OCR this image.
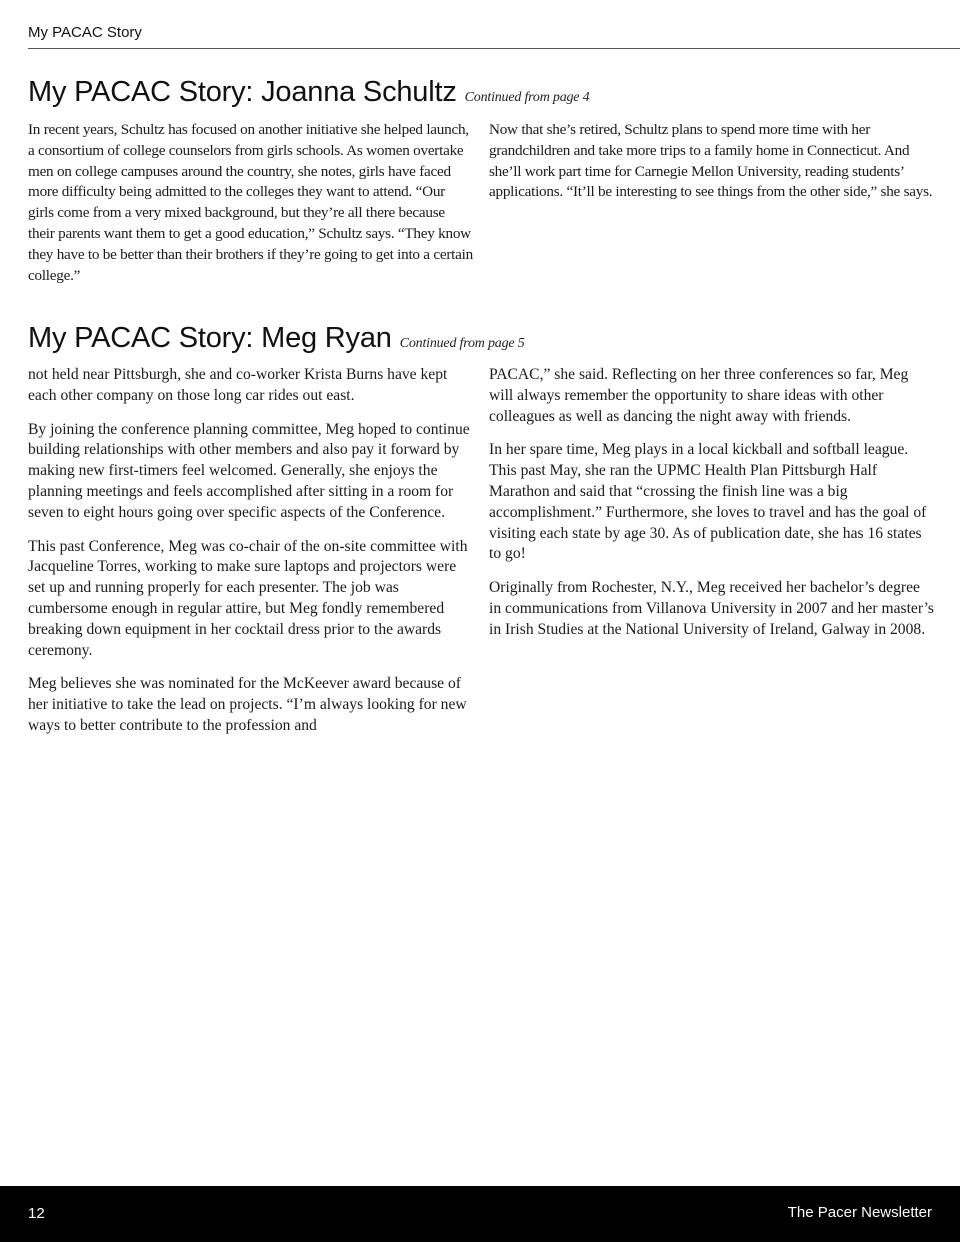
My PACAC Story
My PACAC Story: Joanna Schultz Continued from page 4

In recent years, Schultz has focused on another initiative she helped launch, a consortium of college counselors from girls schools. As women overtake men on college campuses around the country, she notes, girls have faced more difficulty being admitted to the colleges they want to attend. “Our girls come from a very mixed background, but they’re all there because their parents want them to get a good education,” Schultz says. “They know they have to be better than their brothers if they’re going to get into a certain college.”

Now that she’s retired, Schultz plans to spend more time with her grandchildren and take more trips to a family home in Connecticut. And she’ll work part time for Carnegie Mellon University, reading students’ applications. “It’ll be interesting to see things from the other side,” she says.

My PACAC Story: Meg Ryan Continued from page 5

not held near Pittsburgh, she and co-worker Krista Burns have kept each other company on those long car rides out east.

By joining the conference planning committee, Meg hoped to continue building relationships with other members and also pay it forward by making new first-timers feel welcomed. Generally, she enjoys the planning meetings and feels accomplished after sitting in a room for seven to eight hours going over specific aspects of the Conference.

This past Conference, Meg was co-chair of the on-site committee with Jacqueline Torres, working to make sure laptops and projectors were set up and running properly for each presenter. The job was cumbersome enough in regular attire, but Meg fondly remembered breaking down equipment in her cocktail dress prior to the awards ceremony.

Meg believes she was nominated for the McKeever award because of her initiative to take the lead on projects. “I’m always looking for new ways to better contribute to the profession and

PACAC,” she said. Reflecting on her three conferences so far, Meg will always remember the opportunity to share ideas with other colleagues as well as dancing the night away with friends.

In her spare time, Meg plays in a local kickball and softball league. This past May, she ran the UPMC Health Plan Pittsburgh Half Marathon and said that “crossing the finish line was a big accomplishment.” Furthermore, she loves to travel and has the goal of visiting each state by age 30. As of publication date, she has 16 states to go!

Originally from Rochester, N.Y., Meg received her bachelor’s degree in communications from Villanova University in 2007 and her master’s in Irish Studies at the National University of Ireland, Galway in 2008.

12	The Pacer Newsletter
